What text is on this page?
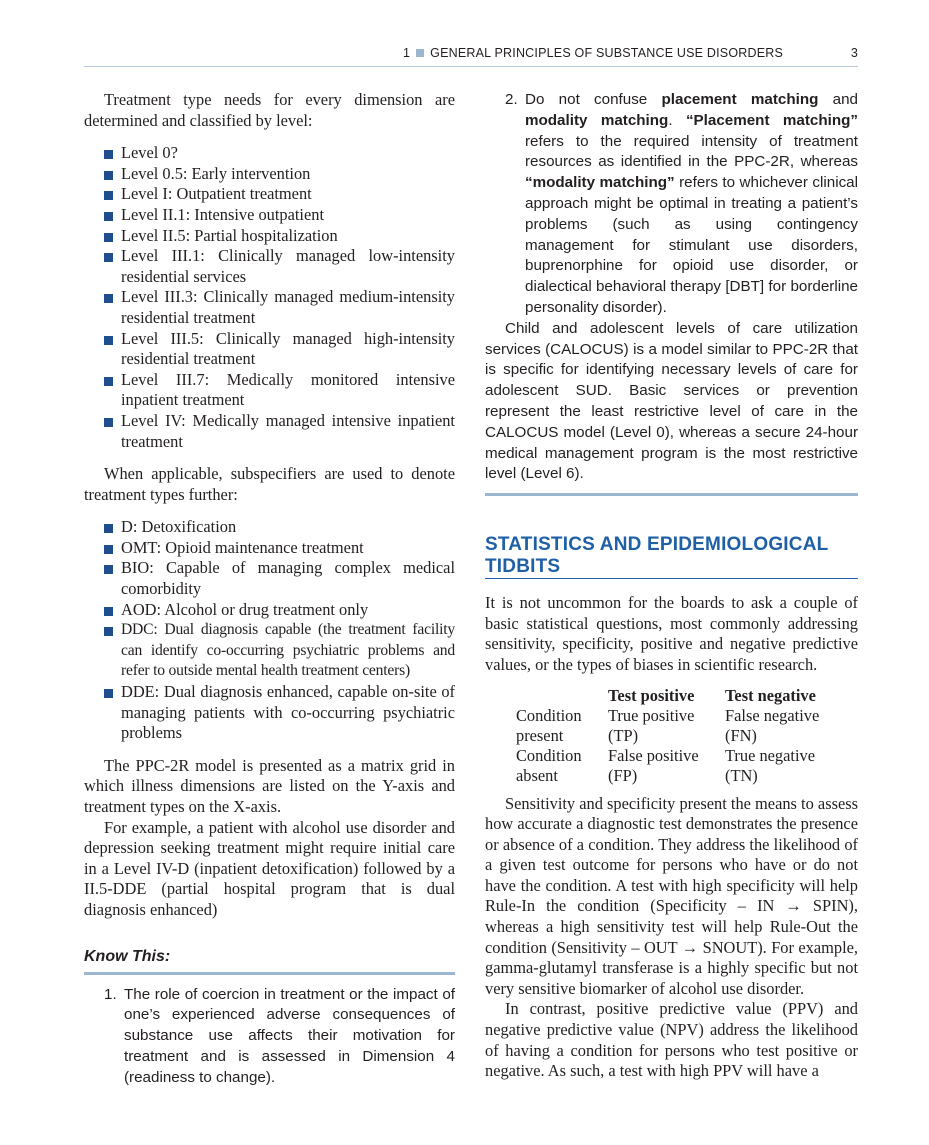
1 GENERAL PRINCIPLES OF SUBSTANCE USE DISORDERS	3

Treatment type needs for every dimension are determined and classified by level:

Level 0?
Level 0.5: Early intervention
Level I: Outpatient treatment
Level II.1: Intensive outpatient
Level II.5: Partial hospitalization
Level III.1: Clinically managed low-intensity residential services
Level III.3: Clinically managed medium-intensity residential treatment
Level III.5: Clinically managed high-intensity residential treatment
Level III.7: Medically monitored intensive inpatient treatment
Level IV: Medically managed intensive inpatient treatment

When applicable, subspecifiers are used to denote treatment types further:

D: Detoxification
OMT: Opioid maintenance treatment
BIO: Capable of managing complex medical comorbidity
AOD: Alcohol or drug treatment only
DDC: Dual diagnosis capable (the treatment facility can identify co-occurring psychiatric problems and refer to outside mental health treatment centers)
DDE: Dual diagnosis enhanced, capable on-site of managing patients with co-occurring psychiatric problems

The PPC-2R model is presented as a matrix grid in which illness dimensions are listed on the Y-axis and treatment types on the X-axis.

For example, a patient with alcohol use disorder and depression seeking treatment might require initial care in a Level IV-D (inpatient detoxification) followed by a II.5-DDE (partial hospital program that is dual diagnosis enhanced)

Know This:
1. The role of coercion in treatment or the impact of one’s experienced adverse consequences of substance use affects their motivation for treatment and is assessed in Dimension 4 (readiness to change).
2. Do not confuse placement matching and modality matching. “Placement matching” refers to the required intensity of treatment resources as identified in the PPC-2R, whereas “modality matching” refers to whichever clinical approach might be optimal in treating a patient’s problems (such as using contingency management for stimulant use disorders, buprenorphine for opioid use disorder, or dialectical behavioral therapy [DBT] for borderline personality disorder).

Child and adolescent levels of care utilization services (CALOCUS) is a model similar to PPC-2R that is specific for identifying necessary levels of care for adolescent SUD. Basic services or prevention represent the least restrictive level of care in the CALOCUS model (Level 0), whereas a secure 24-hour medical management program is the most restrictive level (Level 6).

STATISTICS AND EPIDEMIOLOGICAL TIDBITS

It is not uncommon for the boards to ask a couple of basic statistical questions, most commonly addressing sensitivity, specificity, positive and negative predictive values, or the types of biases in scientific research.

	Test positive	Test negative
Condition	True positive	False negative
present	(TP)	(FN)
Condition	False positive	True negative
absent	(FP)	(TN)

Sensitivity and specificity present the means to assess how accurate a diagnostic test demonstrates the presence or absence of a condition. They address the likelihood of a given test outcome for persons who have or do not have the condition. A test with high specificity will help Rule-In the condition (Specificity – IN → SPIN), whereas a high sensitivity test will help Rule-Out the condition (Sensitivity – OUT → SNOUT). For example, gamma-glutamyl transferase is a highly specific but not very sensitive biomarker of alcohol use disorder.

In contrast, positive predictive value (PPV) and negative predictive value (NPV) address the likelihood of having a condition for persons who test positive or negative. As such, a test with high PPV will have a
